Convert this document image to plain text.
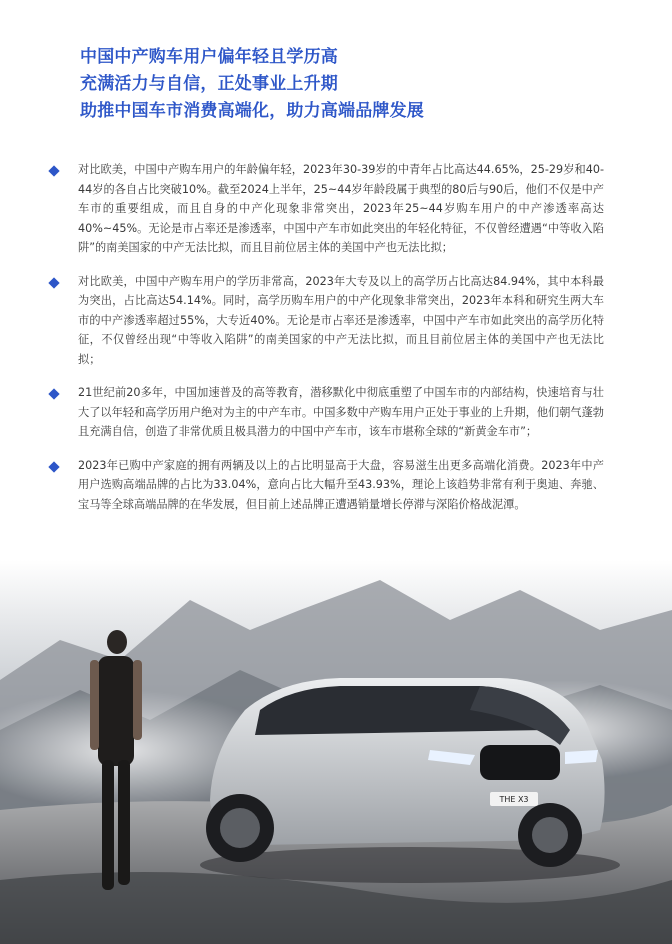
中国中产购车用户偏年轻且学历高

充满活力与自信，正处事业上升期

助推中国车市消费高端化，助力高端品牌发展

对比欧美，中国中产购车用户的年龄偏年轻，2023年30-39岁的中青年占比高达44.65%，25-29岁和40-44岁的各自占比突破10%。截至2024上半年，25~44岁年龄段属于典型的80后与90后，他们不仅是中产车市的重要组成，而且自身的中产化现象非常突出，2023年25~44岁购车用户的中产渗透率高达40%~45%。无论是市占率还是渗透率，中国中产车市如此突出的年轻化特征，不仅曾经遭遇“中等收入陷阱”的南美国家的中产无法比拟，而且目前位居主体的美国中产也无法比拟；

对比欧美，中国中产购车用户的学历非常高，2023年大专及以上的高学历占比高达84.94%，其中本科最为突出，占比高达54.14%。同时，高学历购车用户的中产化现象非常突出，2023年本科和研究生两大车市的中产渗透率超过55%，大专近40%。无论是市占率还是渗透率，中国中产车市如此突出的高学历化特征，不仅曾经出现“中等收入陷阱”的南美国家的中产无法比拟，而且目前位居主体的美国中产也无法比拟；

21世纪前20多年，中国加速普及的高等教育，潜移默化中彻底重塑了中国车市的内部结构，快速培育与壮大了以年轻和高学历用户绝对为主的中产车市。中国多数中产购车用户正处于事业的上升期，他们朝气蓬勃且充满自信，创造了非常优质且极具潜力的中国中产车市，该车市堪称全球的“新黄金车市”；

2023年已购中产家庭的拥有两辆及以上的占比明显高于大盘，容易滋生出更多高端化消费。2023年中产用户选购高端品牌的占比为33.04%，意向占比大幅升至43.93%，理论上该趋势非常有利于奥迪、奔驰、宝马等全球高端品牌的在华发展，但目前上述品牌正遭遇销量增长停滞与深陷价格战泥潭。

THE X3
